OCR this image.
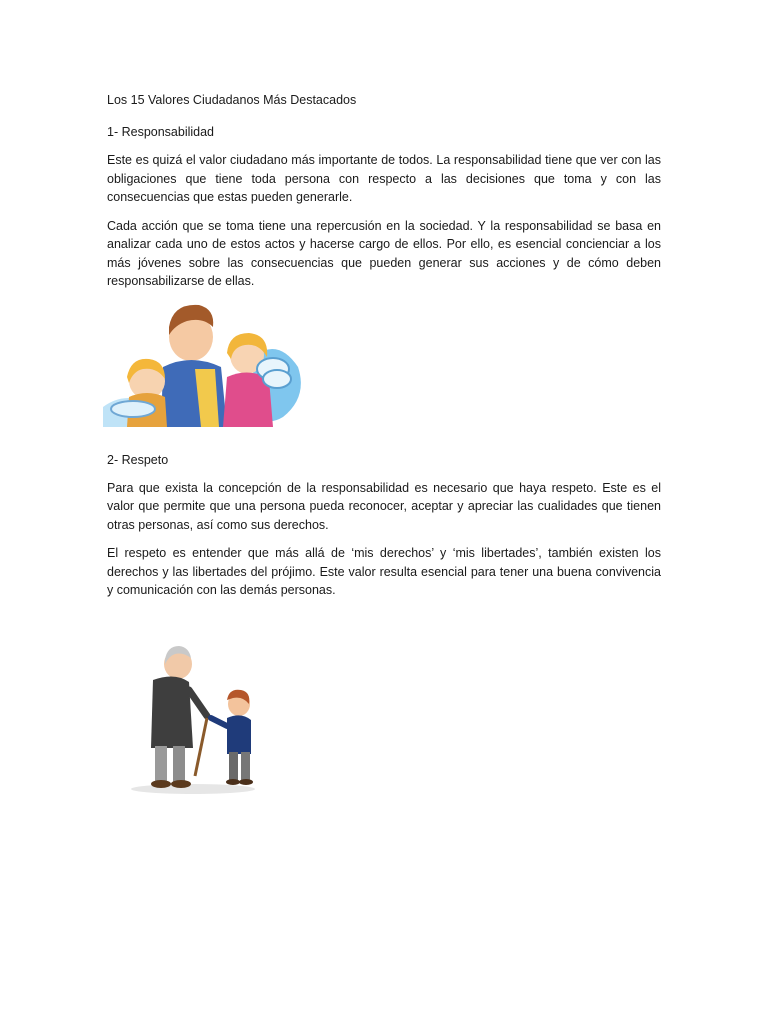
Los 15 Valores Ciudadanos Más Destacados

1- Responsabilidad

Este es quizá el valor ciudadano más importante de todos. La responsabilidad tiene que ver con las obligaciones que tiene toda persona con respecto a las decisiones que toma y con las consecuencias que estas pueden generarle.

Cada acción que se toma tiene una repercusión en la sociedad. Y la responsabilidad se basa en analizar cada uno de estos actos y hacerse cargo de ellos. Por ello, es esencial concienciar a los más jóvenes sobre las consecuencias que pueden generar sus acciones y de cómo deben responsabilizarse de ellas.

2- Respeto

Para que exista la concepción de la responsabilidad es necesario que haya respeto. Este es el valor que permite que una persona pueda reconocer, aceptar y apreciar las cualidades que tienen otras personas, así como sus derechos.

El respeto es entender que más allá de ‘mis derechos’ y ‘mis libertades’, también existen los derechos y las libertades del prójimo. Este valor resulta esencial para tener una buena convivencia y comunicación con las demás personas.
